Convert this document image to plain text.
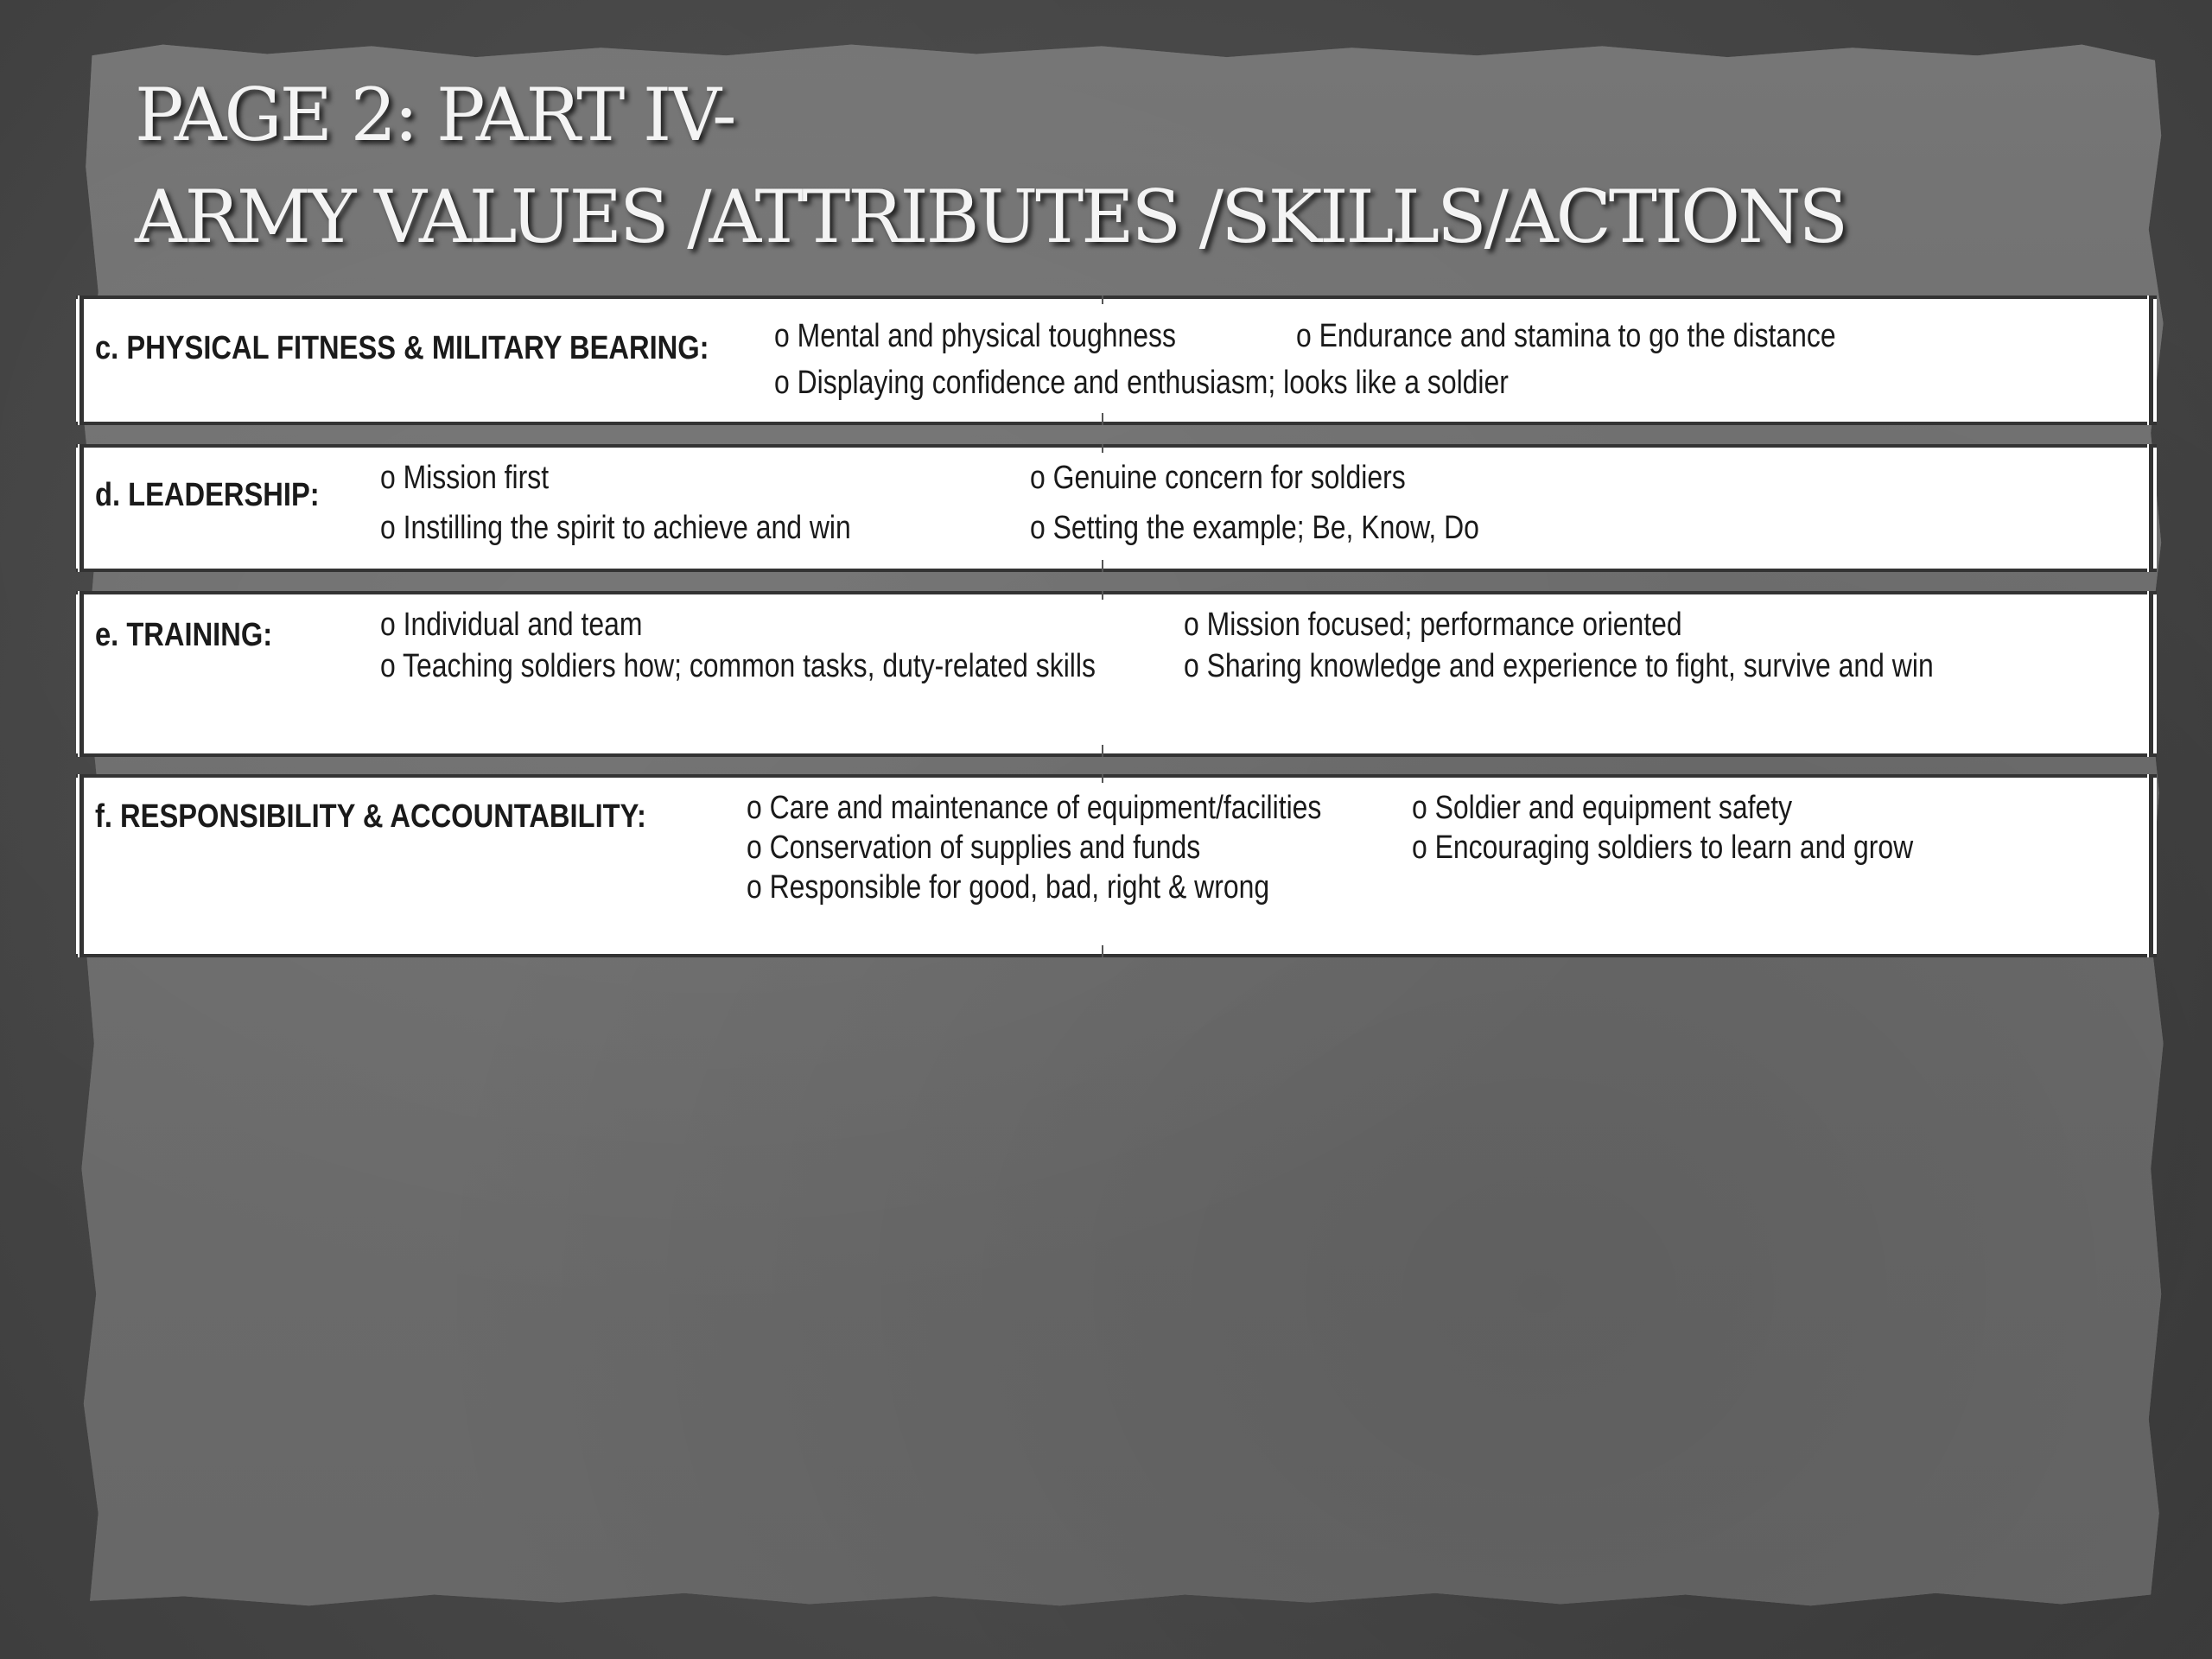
PAGE 2: PART IV-
ARMY VALUES /ATTRIBUTES /SKILLS/ACTIONS
c. PHYSICAL FITNESS & MILITARY BEARING: o Mental and physical toughness	o Endurance and stamina to go the distance
o Displaying confidence and enthusiasm; looks like a soldier
d. LEADERSHIP: o Mission first	o Genuine concern for soldiers
o Instilling the spirit to achieve and win	o Setting the example; Be, Know, Do
e. TRAINING:	o Individual and team	o Mission focused; performance oriented
o Teaching soldiers how; common tasks, duty-related skills	o Sharing knowledge and experience to fight, survive and win
f. RESPONSIBILITY & ACCOUNTABILITY:	o Care and maintenance of equipment/facilities	o Soldier and equipment safety
o Conservation of supplies and funds	o Encouraging soldiers to learn and grow
o Responsible for good, bad, right & wrong
